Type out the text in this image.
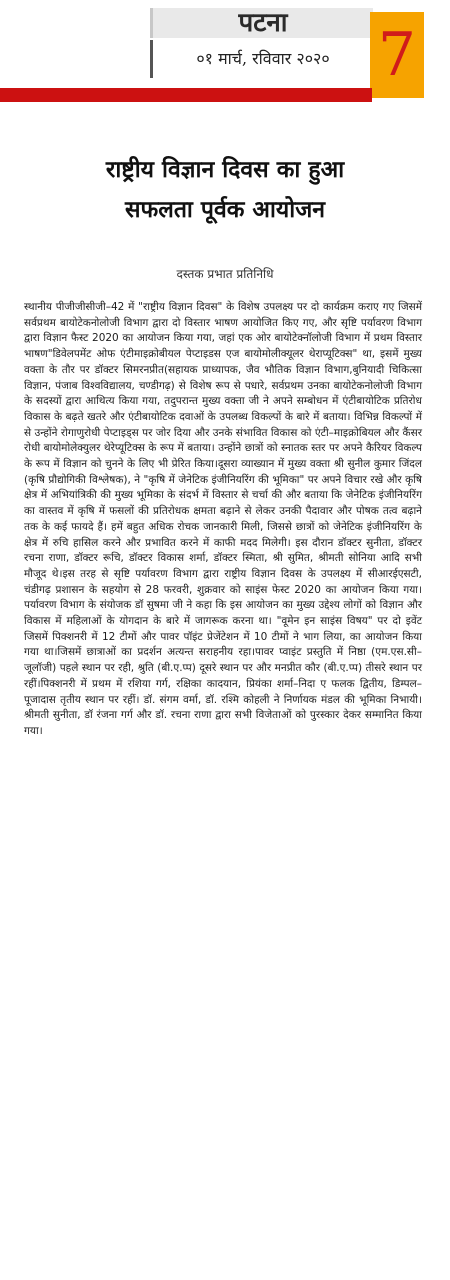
पटना
०१ मार्च, रविवार २०२० 7
राष्ट्रीय विज्ञान दिवस का हुआ
सफलता पूर्वक आयोजन
दस्तक प्रभात प्रतिनिधि

स्थानीय पीजीजीसीजी–42 में "राष्ट्रीय विज्ञान दिवस" के विशेष उपलक्ष्य पर दो कार्यक्रम कराए गए जिसमें सर्वप्रथम बायोटेकनोलोजी विभाग द्वारा दो विस्तार भाषण आयोजित किए गए, और सृष्टि पर्यावरण विभाग द्वारा विज्ञान फैस्ट 2020 का आयोजन किया गया, जहां एक ओर बायोटेक्नॉलोजी विभाग में प्रथम विस्तार भाषण"डिवेलपमेंट ओफ एंटीमाइक्रोबीयल पेप्टाइडस एज बायोमोलीक्यूलर थेराप्यूटिक्स" था, इसमें मुख्य वक्ता के तौर पर डॉक्टर सिमरनप्रीत(सहायक प्राध्यापक, जैव भौतिक विज्ञान विभाग,बुनियादी चिकित्सा विज्ञान, पंजाब विश्वविद्यालय, चण्डीगढ़) से विशेष रूप से पधारे, सर्वप्रथम उनका बायोटेकनोलोजी विभाग के सदस्यों द्वारा आथित्य किया गया, तदुपरान्त मुख्य वक्ता जी ने अपने सम्बोधन में एंटीबायोटिक प्रतिरोध विकास के बढ़ते खतरे और एंटीबायोटिक दवाओं के उपलब्ध विकल्पों के बारे में बताया। विभिन्न विकल्पों में से उन्होंने रोगाणुरोधी पेप्टाइड्स पर जोर दिया और उनके संभावित विकास को एंटी–माइक्रोबियल और कैंसर रोधी बायोमोलेक्युलर थेरेप्यूटिक्स के रूप में बताया। उन्होंने छात्रों को स्नातक स्तर पर अपने कैरियर विकल्प के रूप में विज्ञान को चुनने के लिए भी प्रेरित किया।दूसरा व्याख्यान में मुख्य वक्ता श्री सुनील कुमार जिंदल (कृषि प्रौद्योगिकी विश्लेषक), ने "कृषि में जेनेटिक इंजीनियरिंग की भूमिका" पर अपने विचार रखे और कृषि क्षेत्र में अभियांत्रिकी की मुख्य भूमिका के संदर्भ में विस्तार से चर्चा की और बताया कि जेनेटिक इंजीनियरिंग का वास्तव में कृषि में फसलों की प्रतिरोधक क्षमता बढ़ाने से लेकर उनकी पैदावार और पोषक तत्व बढ़ाने तक के कई फायदे हैं। हमें बहुत अधिक रोचक जानकारी मिली, जिससे छात्रों को जेनेटिक इंजीनियरिंग के क्षेत्र में रुचि हासिल करने और प्रभावित करने में काफी मदद मिलेगी। इस दौरान डॉक्टर सुनीता, डॉक्टर रचना राणा, डॉक्टर रूचि, डॉक्टर विकास शर्मा, डॉक्टर स्मिता, श्री सुमित, श्रीमती सोनिया आदि सभी मौजूद थे।इस तरह से सृष्टि पर्यावरण विभाग द्वारा राष्ट्रीय विज्ञान दिवस के उपलक्ष्य में सीआरईएसटी, चंडीगढ़ प्रशासन के सहयोग से 28 फरवरी, शुक्रवार को साइंस फेस्ट 2020 का आयोजन किया गया। पर्यावरण विभाग के संयोजक डॉ सुषमा जी ने कहा कि इस आयोजन का मुख्य उद्देश्य लोगों को विज्ञान और विकास में महिलाओं के योगदान के बारे में जागरूक करना था। "वूमेन इन साइंस विषय" पर दो इवेंट जिसमें पिक्शनरी में 12 टीमों और पावर पॉइंट प्रेजेंटेशन में 10 टीमों ने भाग लिया, का आयोजन किया गया था।जिसमें छात्राओं का प्रदर्शन अत्यन्त सराहनीय रहा।पावर प्वाइंट प्रस्तुति में निष्ठा (एम.एस.सी–जूलॉजी) पहले स्थान पर रही, श्रुति (बी.ए.प्प) दूसरे स्थान पर और मनप्रीत कौर (बी.ए.प्प) तीसरे स्थान पर रहीं।पिक्शनरी में प्रथम में रशिया गर्ग, रक्षिका कादयान, प्रियंका शर्मा–निदा ए फलक द्वितीय, डिम्पल–पूजादास तृतीय स्थान पर रहीं। डॉ. संगम वर्मा, डॉ. रश्मि कोहली ने निर्णायक मंडल की भूमिका निभायी। श्रीमती सुनीता, डॉ रंजना गर्ग और डॉ. रचना राणा द्वारा सभी विजेताओं को पुरस्कार देकर सम्मानित किया गया।
